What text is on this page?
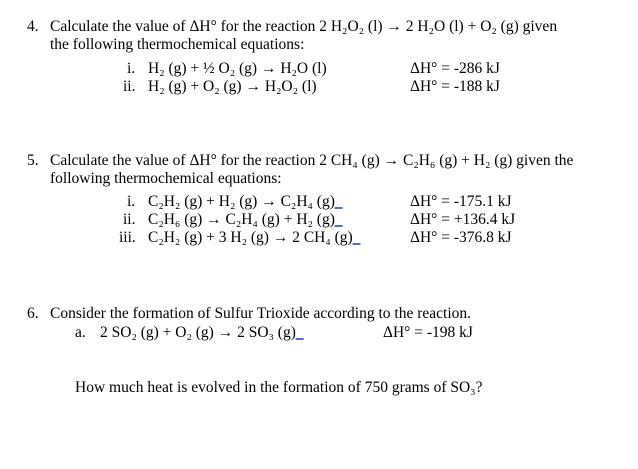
4. Calculate the value of ΔH° for the reaction 2 H₂O₂ (l) → 2 H₂O (l) + O₂ (g) given
the following thermochemical equations:
i. H₂ (g) + ½ O₂ (g) → H₂O (l)	ΔH° = -286 kJ
ii. H₂ (g) + O₂ (g) → H₂O₂ (l)	ΔH° = -188 kJ
5. Calculate the value of ΔH° for the reaction 2 CH₄ (g) → C₂H₆ (g) + H₂ (g) given the
following thermochemical equations:
i. C₂H₂ (g) + H₂ (g) → C₂H₄ (g)	ΔH° = -175.1 kJ
ii. C₂H₆ (g) → C₂H₄ (g) + H₂ (g)	ΔH° = +136.4 kJ
iii. C₂H₂ (g) + 3 H₂ (g) → 2 CH₄ (g)	ΔH° = -376.8 kJ
6. Consider the formation of Sulfur Trioxide according to the reaction.
a. 2 SO₂ (g) + O₂ (g) → 2 SO₃ (g)	ΔH° = -198 kJ
How much heat is evolved in the formation of 750 grams of SO₃?
